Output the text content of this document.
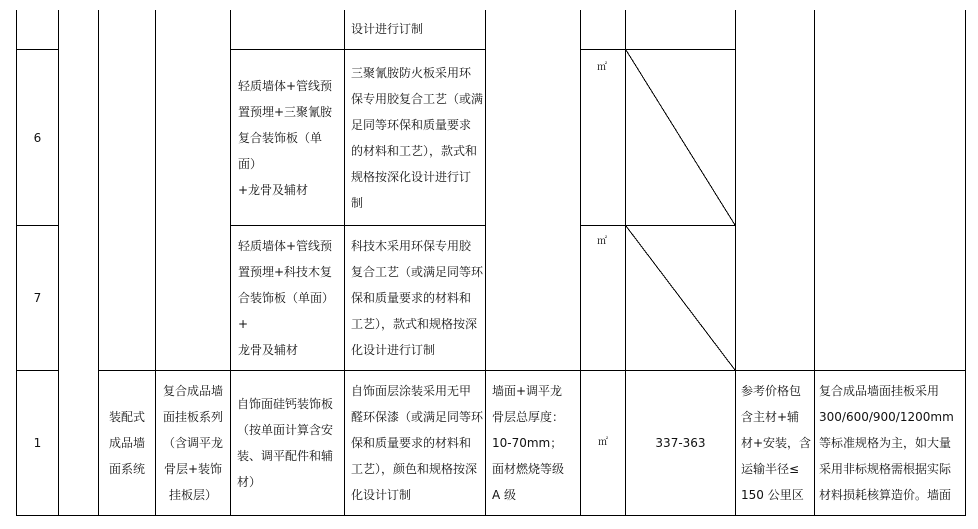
设计进行订制
6
轻质墙体+管线预
置预埋+三聚氰胺
复合装饰板（单面）
+龙骨及辅材
三聚氰胺防火板采用环
保专用胶复合工艺（或满
足同等环保和质量要求
的材料和工艺），款式和
规格按深化设计进行订
制
㎡
7
轻质墙体+管线预
置预埋+科技木复
合装饰板（单面）+
龙骨及辅材
科技木采用环保专用胶
复合工艺（或满足同等环
保和质量要求的材料和
工艺），款式和规格按深
化设计进行订制
㎡
1
装配式
成品墙
面系统
复合成品墙
面挂板系列
（含调平龙
骨层+装饰
挂板层）
自饰面硅钙装饰板
（按单面计算含安
装、调平配件和辅
材）
自饰面层涂装采用无甲
醛环保漆（或满足同等环
保和质量要求的材料和
工艺），颜色和规格按深
化设计订制
墙面+调平龙
骨层总厚度：
10-70mm；
面材燃烧等级
A 级
㎡	337-363
参考价格包
含主材+辅
材+安装，含
运输半径≤
150 公里区
复合成品墙面挂板采用
300/600/900/1200mm
等标准规格为主，如大量
采用非标规格需根据实际
材料损耗核算造价。墙面
